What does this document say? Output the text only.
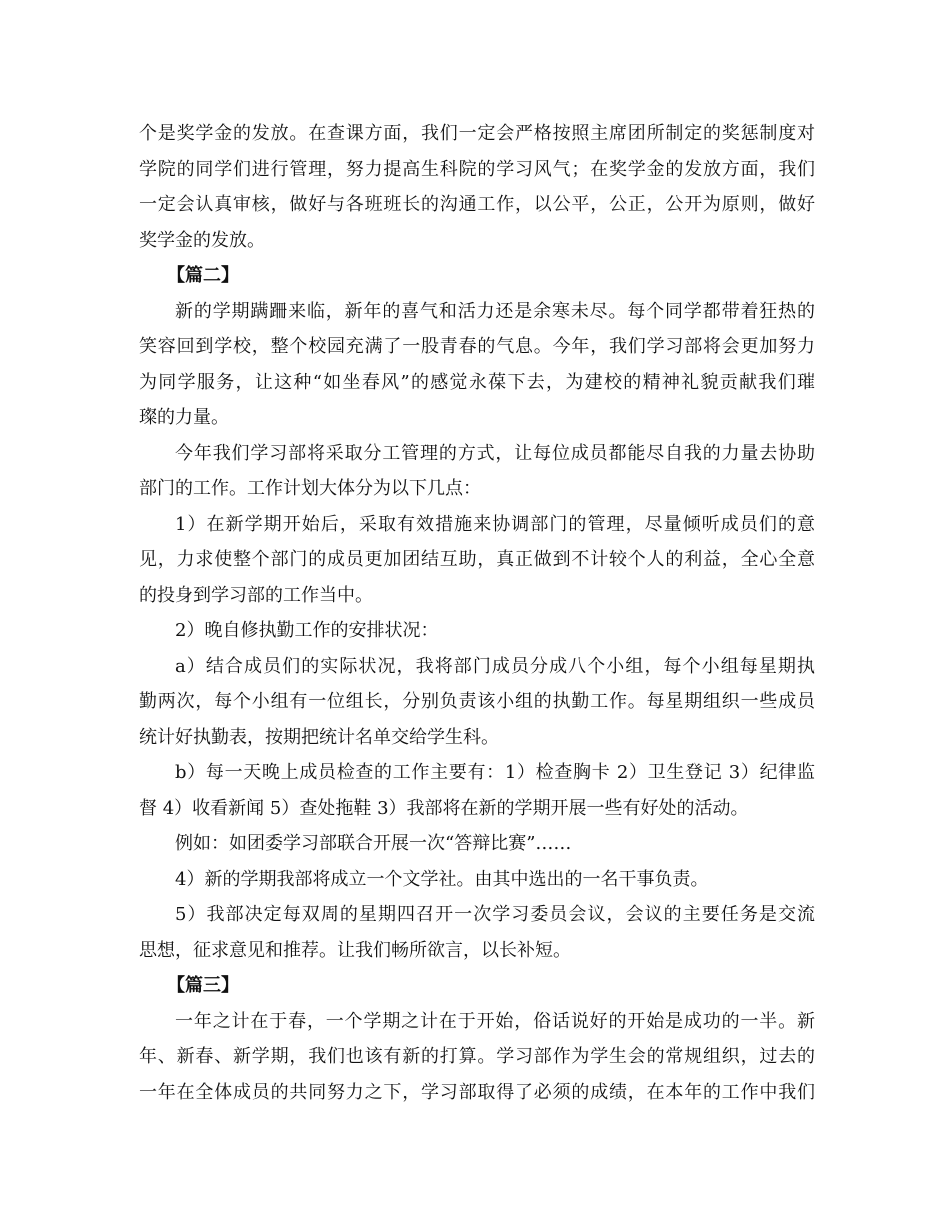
个是奖学金的发放。在查课方面，我们一定会严格按照主席团所制定的奖惩制度对
学院的同学们进行管理，努力提高生科院的学习风气；在奖学金的发放方面，我们
一定会认真审核，做好与各班班长的沟通工作，以公平，公正，公开为原则，做好
奖学金的发放。
【篇二】
新的学期蹒跚来临，新年的喜气和活力还是余寒未尽。每个同学都带着狂热的
笑容回到学校，整个校园充满了一股青春的气息。今年，我们学习部将会更加努力
为同学服务，让这种“如坐春风”的感觉永葆下去，为建校的精神礼貌贡献我们璀
璨的力量。
今年我们学习部将采取分工管理的方式，让每位成员都能尽自我的力量去协助
部门的工作。工作计划大体分为以下几点：
1）在新学期开始后，采取有效措施来协调部门的管理，尽量倾听成员们的意
见，力求使整个部门的成员更加团结互助，真正做到不计较个人的利益，全心全意
的投身到学习部的工作当中。
2）晚自修执勤工作的安排状况：
a）结合成员们的实际状况，我将部门成员分成八个小组，每个小组每星期执
勤两次，每个小组有一位组长，分别负责该小组的执勤工作。每星期组织一些成员
统计好执勤表，按期把统计名单交给学生科。
b）每一天晚上成员检查的工作主要有：1）检查胸卡 2）卫生登记 3）纪律监
督 4）收看新闻 5）查处拖鞋 3）我部将在新的学期开展一些有好处的活动。
例如：如团委学习部联合开展一次“答辩比赛”……
4）新的学期我部将成立一个文学社。由其中选出的一名干事负责。
5）我部决定每双周的星期四召开一次学习委员会议，会议的主要任务是交流
思想，征求意见和推荐。让我们畅所欲言，以长补短。
【篇三】
一年之计在于春，一个学期之计在于开始，俗话说好的开始是成功的一半。新
年、新春、新学期，我们也该有新的打算。学习部作为学生会的常规组织，过去的
一年在全体成员的共同努力之下，学习部取得了必须的成绩，在本年的工作中我们
